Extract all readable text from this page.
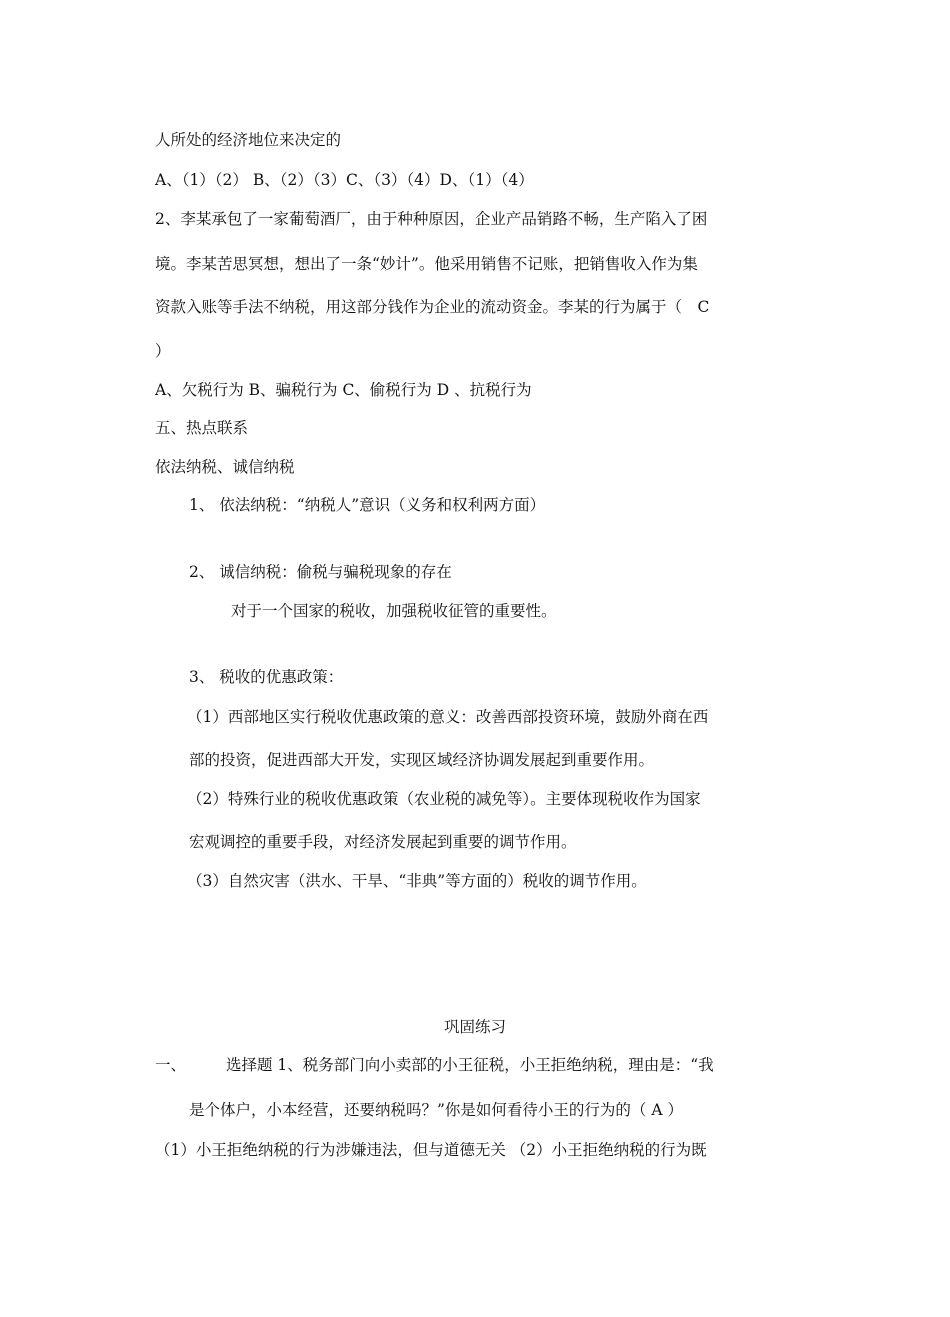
人所处的经济地位来决定的
A、（1）（2） B、（2）（3）C、（3）（4）D、（1）（4）
2、李某承包了一家葡萄酒厂，由于种种原因，企业产品销路不畅，生产陷入了困
境。李某苦思冥想，想出了一条“妙计”。他采用销售不记账，把销售收入作为集
资款入账等手法不纳税，用这部分钱作为企业的流动资金。李某的行为属于（　C
）
A、欠税行为 B、骗税行为 C、偷税行为 D 、抗税行为
五、热点联系
依法纳税、诚信纳税
1、 依法纳税：“纳税人”意识（义务和权利两方面）
2、 诚信纳税：偷税与骗税现象的存在
对于一个国家的税收，加强税收征管的重要性。
3、 税收的优惠政策：
（1）西部地区实行税收优惠政策的意义：改善西部投资环境，鼓励外商在西
部的投资，促进西部大开发，实现区域经济协调发展起到重要作用。
（2）特殊行业的税收优惠政策（农业税的减免等）。主要体现税收作为国家
宏观调控的重要手段，对经济发展起到重要的调节作用。
（3）自然灾害（洪水、干旱、“非典”等方面的）税收的调节作用。
巩固练习
一、	选择题 1、税务部门向小卖部的小王征税，小王拒绝纳税，理由是：“我
是个体户，小本经营，还要纳税吗？”你是如何看待小王的行为的（ A ）
（1）小王拒绝纳税的行为涉嫌违法，但与道德无关 （2）小王拒绝纳税的行为既
